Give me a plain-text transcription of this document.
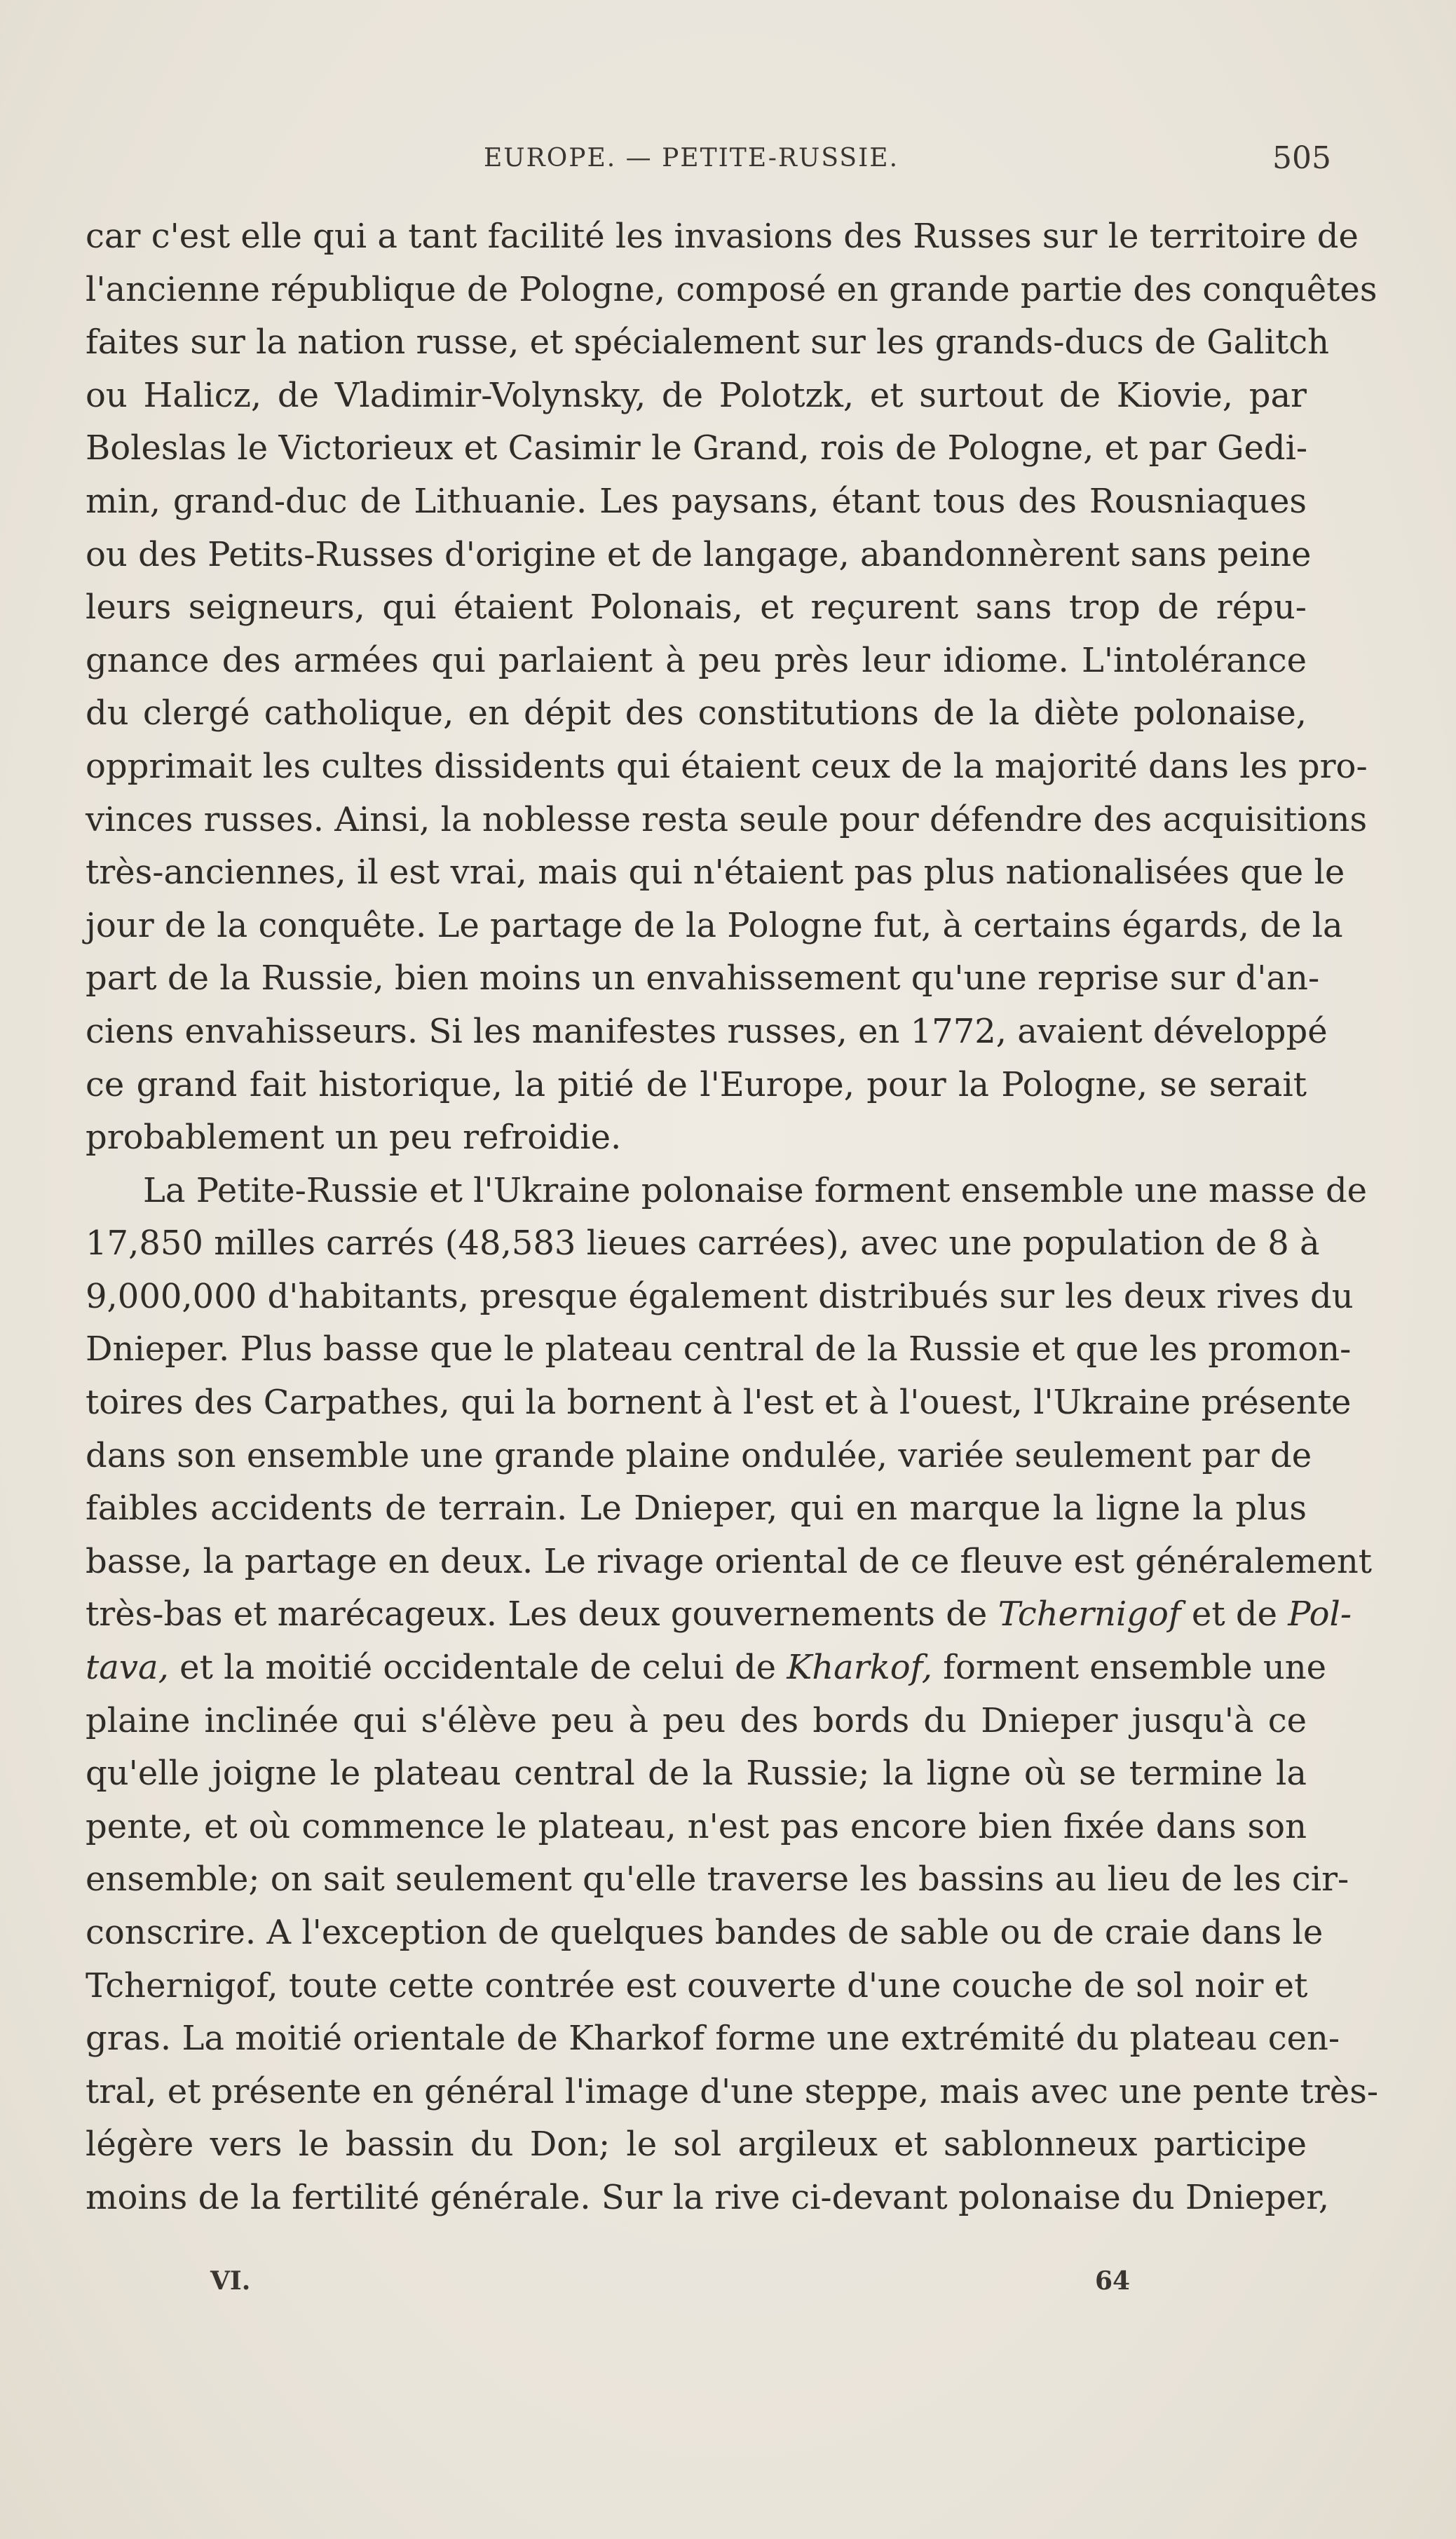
EUROPE. — PETITE-RUSSIE.	505
car c'est elle qui a tant facilité les invasions des Russes sur le territoire de
l'ancienne république de Pologne, composé en grande partie des conquêtes
faites sur la nation russe, et spécialement sur les grands-ducs de Galitch
ou Halicz, de Vladimir-Volynsky, de Polotzk, et surtout de Kiovie, par
Boleslas le Victorieux et Casimir le Grand, rois de Pologne, et par Gedi-
min, grand-duc de Lithuanie. Les paysans, étant tous des Rousniaques
ou des Petits-Russes d'origine et de langage, abandonnèrent sans peine
leurs seigneurs, qui étaient Polonais, et reçurent sans trop de répu-
gnance des armées qui parlaient à peu près leur idiome. L'intolérance
du clergé catholique, en dépit des constitutions de la diète polonaise,
opprimait les cultes dissidents qui étaient ceux de la majorité dans les pro-
vinces russes. Ainsi, la noblesse resta seule pour défendre des acquisitions
très-anciennes, il est vrai, mais qui n'étaient pas plus nationalisées que le
jour de la conquête. Le partage de la Pologne fut, à certains égards, de la
part de la Russie, bien moins un envahissement qu'une reprise sur d'an-
ciens envahisseurs. Si les manifestes russes, en 1772, avaient développé
ce grand fait historique, la pitié de l'Europe, pour la Pologne, se serait
probablement un peu refroidie.
La Petite-Russie et l'Ukraine polonaise forment ensemble une masse de
17,850 milles carrés (48,583 lieues carrées), avec une population de 8 à
9,000,000 d'habitants, presque également distribués sur les deux rives du
Dnieper. Plus basse que le plateau central de la Russie et que les promon-
toires des Carpathes, qui la bornent à l'est et à l'ouest, l'Ukraine présente
dans son ensemble une grande plaine ondulée, variée seulement par de
faibles accidents de terrain. Le Dnieper, qui en marque la ligne la plus
basse, la partage en deux. Le rivage oriental de ce fleuve est généralement
très-bas et marécageux. Les deux gouvernements de Tchernigof et de Pol-
tava, et la moitié occidentale de celui de Kharkof, forment ensemble une
plaine inclinée qui s'élève peu à peu des bords du Dnieper jusqu'à ce
qu'elle joigne le plateau central de la Russie; la ligne où se termine la
pente, et où commence le plateau, n'est pas encore bien fixée dans son
ensemble; on sait seulement qu'elle traverse les bassins au lieu de les cir-
conscrire. A l'exception de quelques bandes de sable ou de craie dans le
Tchernigof, toute cette contrée est couverte d'une couche de sol noir et
gras. La moitié orientale de Kharkof forme une extrémité du plateau cen-
tral, et présente en général l'image d'une steppe, mais avec une pente très-
légère vers le bassin du Don; le sol argileux et sablonneux participe
moins de la fertilité générale. Sur la rive ci-devant polonaise du Dnieper,
VI.	64
